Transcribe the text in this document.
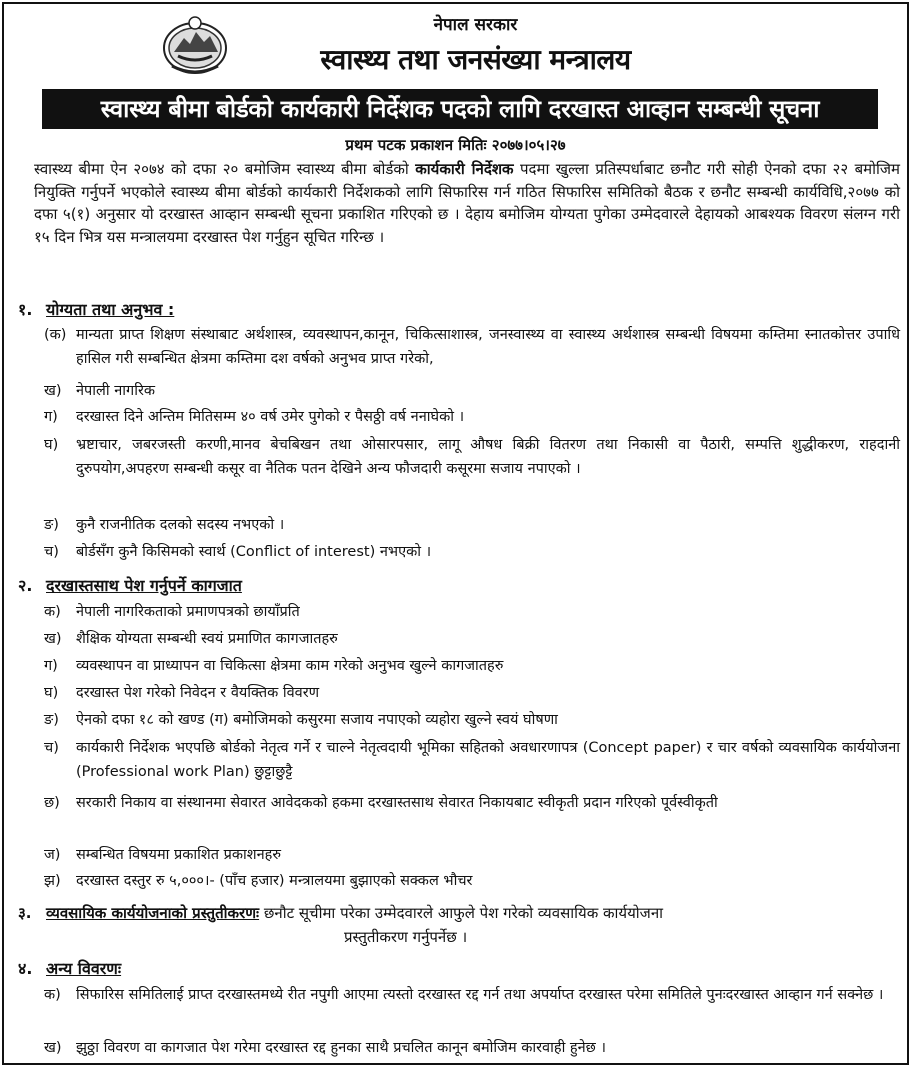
नेपाल सरकार
स्वास्थ्य तथा जनसंख्या मन्त्रालय
स्वास्थ्य बीमा बोर्डको कार्यकारी निर्देशक पदको लागि दरखास्त आव्हान सम्बन्धी सूचना
प्रथम पटक प्रकाशन मितिः २०७७।०५।२७
स्वास्थ्य बीमा ऐन २०७४ को दफा २० बमोजिम स्वास्थ्य बीमा बोर्डको कार्यकारी निर्देशक पदमा खुल्ला प्रतिस्पर्धाबाट छनौट गरी सोही ऐनको दफा २२ बमोजिम नियुक्ति गर्नुपर्ने भएकोले स्वास्थ्य बीमा बोर्डको कार्यकारी निर्देशकको लागि सिफारिस गर्न गठित सिफारिस समितिको बैठक र छनौट सम्बन्धी कार्यविधि,२०७७ को दफा ५(१) अनुसार यो दरखास्त आव्हान सम्बन्धी सूचना प्रकाशित गरिएको छ । देहाय बमोजिम योग्यता पुगेका उम्मेदवारले देहायको आबश्यक विवरण संलग्न गरी १५ दिन भित्र यस मन्त्रालयमा दरखास्त पेश गर्नुहुन सूचित गरिन्छ ।
१. योग्यता तथा अनुभव :
(क) मान्यता प्राप्त शिक्षण संस्थाबाट अर्थशास्त्र, व्यवस्थापन,कानून, चिकित्साशास्त्र, जनस्वास्थ्य वा स्वास्थ्य अर्थशास्त्र सम्बन्धी विषयमा कम्तिमा स्नातकोत्तर उपाधि हासिल गरी सम्बन्धित क्षेत्रमा कम्तिमा दश वर्षको अनुभव प्राप्त गरेको,
ख) नेपाली नागरिक
ग) दरखास्त दिने अन्तिम मितिसम्म ४० वर्ष उमेर पुगेको र पैसठ्ठी वर्ष ननाघेको ।
घ) भ्रष्टाचार, जबरजस्ती करणी,मानव बेचबिखन तथा ओसारपसार, लागू औषध बिक्री वितरण तथा निकासी वा पैठारी, सम्पत्ति शुद्धीकरण, राहदानी दुरुपयोग,अपहरण सम्बन्धी कसूर वा नैतिक पतन देखिने अन्य फौजदारी कसूरमा सजाय नपाएको ।
ङ) कुनै राजनीतिक दलको सदस्य नभएको ।
च) बोर्डसँग कुनै किसिमको स्वार्थ (Conflict of interest) नभएको ।
२. दरखास्तसाथ पेश गर्नुपर्ने कागजात
क) नेपाली नागरिकताको प्रमाणपत्रको छायाँप्रति
ख) शैक्षिक योग्यता सम्बन्धी स्वयं प्रमाणित कागजातहरु
ग) व्यवस्थापन वा प्राध्यापन वा चिकित्सा क्षेत्रमा काम गरेको अनुभव खुल्ने कागजातहरु
घ) दरखास्त पेश गरेको निवेदन र वैयक्तिक विवरण
ङ) ऐनको दफा १८ को खण्ड (ग) बमोजिमको कसुरमा सजाय नपाएको व्यहोरा खुल्ने स्वयं घोषणा
च) कार्यकारी निर्देशक भएपछि बोर्डको नेतृत्व गर्ने र चाल्ने नेतृत्वदायी भूमिका सहितको अवधारणापत्र (Concept paper) र चार वर्षको व्यवसायिक कार्ययोजना (Professional work Plan) छुट्टाछुट्टै
छ) सरकारी निकाय वा संस्थानमा सेवारत आवेदकको हकमा दरखास्तसाथ सेवारत निकायबाट स्वीकृती प्रदान गरिएको पूर्वस्वीकृती
ज) सम्बन्धित विषयमा प्रकाशित प्रकाशनहरु
झ) दरखास्त दस्तुर रु ५,०००।- (पाँच हजार) मन्त्रालयमा बुझाएको सक्कल भौचर
३. व्यवसायिक कार्ययोजनाको प्रस्तुतीकरणः छनौट सूचीमा परेका उम्मेदवारले आफुले पेश गरेको व्यवसायिक कार्ययोजना
प्रस्तुतीकरण गर्नुपर्नेछ ।
४. अन्य विवरणः
क) सिफारिस समितिलाई प्राप्त दरखास्तमध्ये रीत नपुगी आएमा त्यस्तो दरखास्त रद्द गर्न तथा अपर्याप्त दरखास्त परेमा समितिले पुनःदरखास्त आव्हान गर्न सक्नेछ ।
ख) झुठ्ठा विवरण वा कागजात पेश गरेमा दरखास्त रद्द हुनका साथै प्रचलित कानून बमोजिम कारवाही हुनेछ ।
